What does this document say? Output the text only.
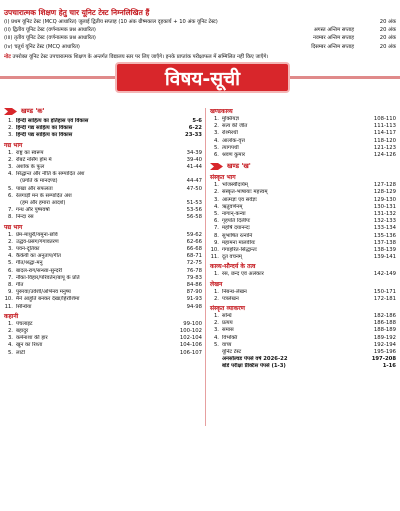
उपचारात्मक शिक्षण हेतु चार यूनिट टेस्ट निम्नलिखित हैं
(i) प्रथम यूनिट टेस्ट (MCQ आधारित) जुलाई द्वितीय सप्ताह (10 अंक ग्रीष्मकाल दृहकार्य + 10 अंक यूनिट टेस्ट)	20 अंक
(ii) द्वितीय यूनिट टेस्ट (वर्णनात्मक प्रश्न आधारित)	अगस्त अन्तिम सप्ताह	20 अंक
(iii) तृतीय यूनिट टेस्ट (वर्णनात्मक प्रश्न आधारित)	नवम्बर अन्तिम सप्ताह	20 अंक
(iv) चतुर्थ यूनिट टेस्ट (MCQ आधारित)	दिसम्बर अन्तिम सप्ताह	20 अंक
नोट उपरोक्त यूनिट टेस्ट उपचारात्मक शिक्षण के अन्तर्गत विद्यालय स्तर पर लिए जाएँगे। इनके प्राप्तांक परीक्षाफल में सम्मिलित नहीं किए जाएँगे।
विषय-सूची
खण्ड 'क'
1. हिन्दी साहित्य का इतिहास एवं विकास	5-6
2. हिन्दी गद्य साहित्य का विकास	6-22
3. हिन्दी पद्य साहित्य का विकास	23-33
गद्य भाग
1. राष्ट्र का स्वरूप	34-39
2. रॉबर्ट नर्सिंग होम में	39-40
3. अशोक के फूल	41-44
4. सिद्धान्त और नीति के सम्पादित अंश
(प्रगति के मानदण्ड)	44-47
5. पाखा और सफलता	47-50
6. रेलगाड़ी मन के सम्पादित अंश
(हम और हमारा आदर्श)	51-53
7. गन्ध और पुष्पवर्षा	53-56
8. निन्दा रस	56-58
पद्य भाग
1. प्रेम-माधुरी/यमुना-छवि	59-62
2. उद्धव-प्रसंग/गंगावतरण	62-66
3. पवन-दूतिका	66-68
4. कैकेयी का अनुताप/गीत	68-71
5. गीत/श्रद्धा-मनु	72-75
6. बादल-राग/सन्ध्या-सुन्दरी	76-78
7. नौका-विहार/परिवर्तन/बापू के प्रति	79-83
8. गीत	84-86
9. पुरुरवा/उर्वशी/अभिनव मनुष्य	87-90
10. मैंने आहुति बनकर देखा/हिरोशिमा	91-93
11. सिन्धिया	94-98
कहानी
1. पंचलाइट	99-100
2. बहादुर	100-102
3. कर्मनाशा की हार	102-104
4. खून का रिश्ता	104-106
5. लाटी	106-107
खण्डकाव्य
1. मुक्तियज्ञ	108-110
2. सत्य की जीत	111-113
3. रश्मिरथी	114-117
4. आलोक-वृत्त	118-120
5. त्यागपथी	121-123
6. श्रवण कुमार	124-126
खण्ड 'ख'
संस्कृत भाग
1. भोजस्यौदार्यम्	127-128
2. संस्कृत-भाषायाः महत्त्वम्	128-129
3. आत्मज्ञः एव सर्वज्ञः	129-130
4. ऋतुवर्णनम्	130-131
5. नागान्‌-कन्या	131-132
6. गृहपति दिलीपः	132-133
7. महर्षि दयानन्दः	133-134
8. सुभाषित रत्नानि	135-136
9. महामना मालवीयः	137-138
10. गंगाहरित-सिद्धान्तः	138-139
11. दूत वचनम्	139-141
काव्य-सौन्दर्य के तत्व
1. रस, छन्द एवं अलंकार	142-149
लेखन
1. निबन्ध-लेखन	150-171
2. पत्रलेखन	172-181
संस्कृत व्याकरण
1. सन्धि	182-186
2. प्रत्यय	186-188
3. समास	188-189
4. विभक्ति	189-192
5. वाच्य	192-194
यूनिट टेस्ट	195-196
अनसॉल्वड पेपर्स वर्ष 2026-22	197-208
बोर्ड परीक्षा प्रैक्टिस पेपर्स (1-3)	1-16
